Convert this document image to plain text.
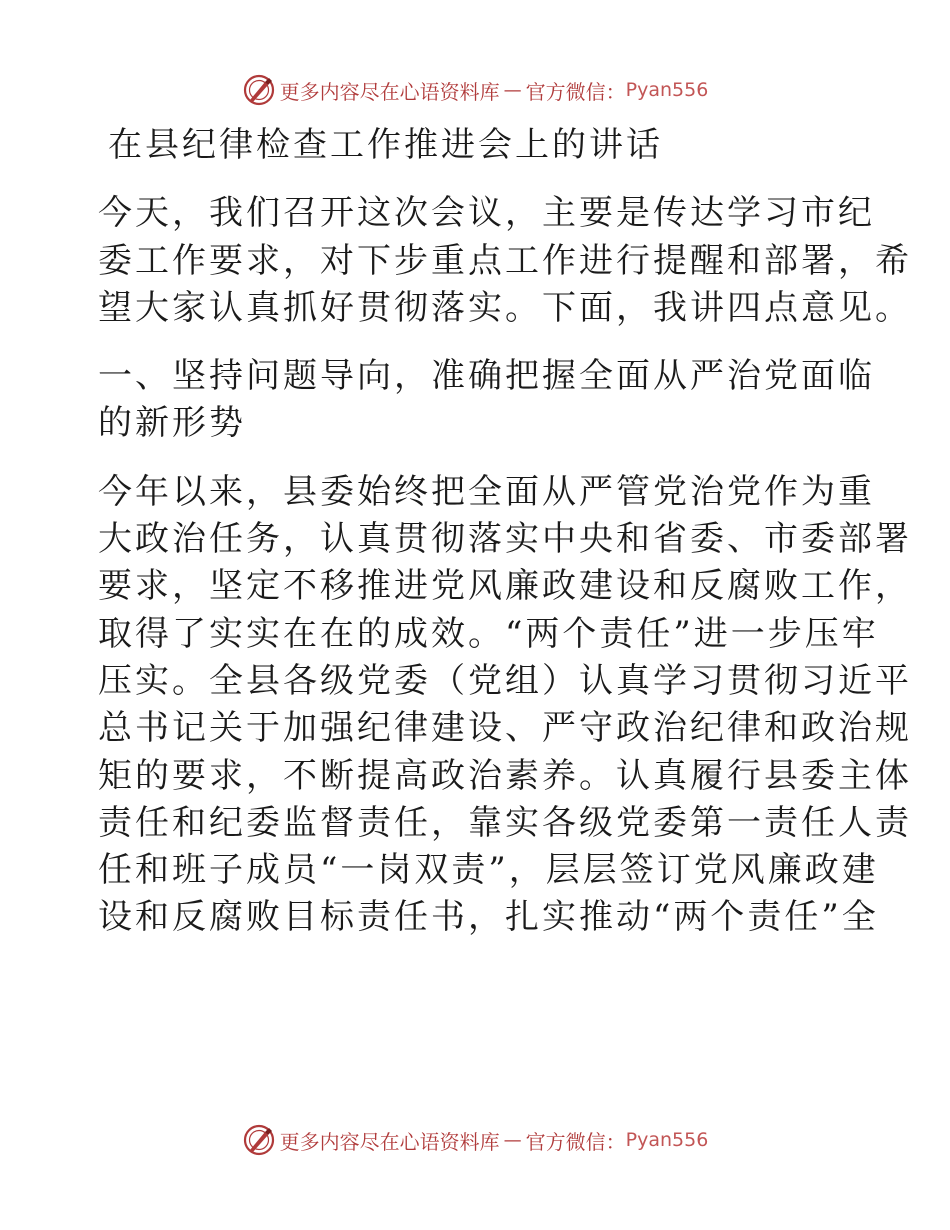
更多内容尽在心语资料库 — 官方微信： Pyan556
在县纪律检查工作推进会上的讲话
今天，我们召开这次会议，主要是传达学习市纪
委工作要求，对下步重点工作进行提醒和部署，希
望大家认真抓好贯彻落实。下面，我讲四点意见。
一、坚持问题导向，准确把握全面从严治党面临
的新形势
今年以来，县委始终把全面从严管党治党作为重
大政治任务，认真贯彻落实中央和省委、市委部署
要求，坚定不移推进党风廉政建设和反腐败工作，
取得了实实在在的成效。“两个责任”进一步压牢
压实。全县各级党委（党组）认真学习贯彻习近平
总书记关于加强纪律建设、严守政治纪律和政治规
矩的要求，不断提高政治素养。认真履行县委主体
责任和纪委监督责任，靠实各级党委第一责任人责
任和班子成员“一岗双责”，层层签订党风廉政建
设和反腐败目标责任书，扎实推动“两个责任”全
更多内容尽在心语资料库 — 官方微信： Pyan556
